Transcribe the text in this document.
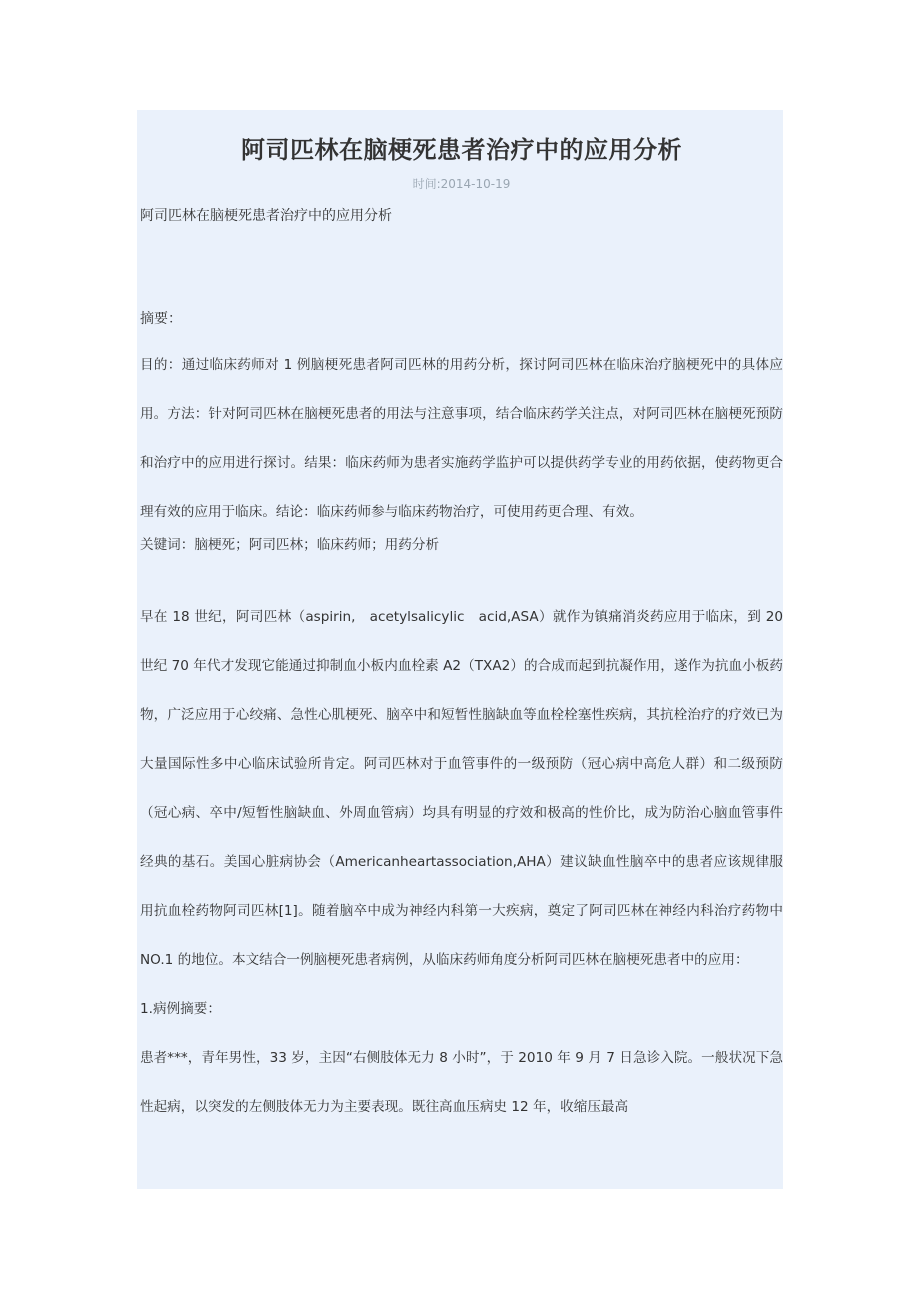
阿司匹林在脑梗死患者治疗中的应用分析
时间:2014-10-19
阿司匹林在脑梗死患者治疗中的应用分析
摘要：

目的：通过临床药师对 1 例脑梗死患者阿司匹林的用药分析，探讨阿司匹林在临床治疗脑梗死中的具体应用。方法：针对阿司匹林在脑梗死患者的用法与注意事项，结合临床药学关注点，对阿司匹林在脑梗死预防和治疗中的应用进行探讨。结果：临床药师为患者实施药学监护可以提供药学专业的用药依据，使药物更合理有效的应用于临床。结论：临床药师参与临床药物治疗，可使用药更合理、有效。

关键词：脑梗死；阿司匹林；临床药师；用药分析

早在 18 世纪，阿司匹林（aspirin,　acetylsalicylic　acid,ASA）就作为镇痛消炎药应用于临床，到 20 世纪 70 年代才发现它能通过抑制血小板内血栓素 A2（TXA2）的合成而起到抗凝作用，遂作为抗血小板药物，广泛应用于心绞痛、急性心肌梗死、脑卒中和短暂性脑缺血等血栓栓塞性疾病，其抗栓治疗的疗效已为大量国际性多中心临床试验所肯定。阿司匹林对于血管事件的一级预防（冠心病中高危人群）和二级预防（冠心病、卒中/短暂性脑缺血、外周血管病）均具有明显的疗效和极高的性价比，成为防治心脑血管事件经典的基石。美国心脏病协会（Americanheartassociation,AHA）建议缺血性脑卒中的患者应该规律服用抗血栓药物阿司匹林[1]。随着脑卒中成为神经内科第一大疾病，奠定了阿司匹林在神经内科治疗药物中 NO.1 的地位。本文结合一例脑梗死患者病例，从临床药师角度分析阿司匹林在脑梗死患者中的应用：

1.病例摘要：

患者***，青年男性，33 岁，主因“右侧肢体无力 8 小时”，于 2010 年 9 月 7 日急诊入院。一般状况下急性起病，以突发的左侧肢体无力为主要表现。既往高血压病史 12 年，收缩压最高
